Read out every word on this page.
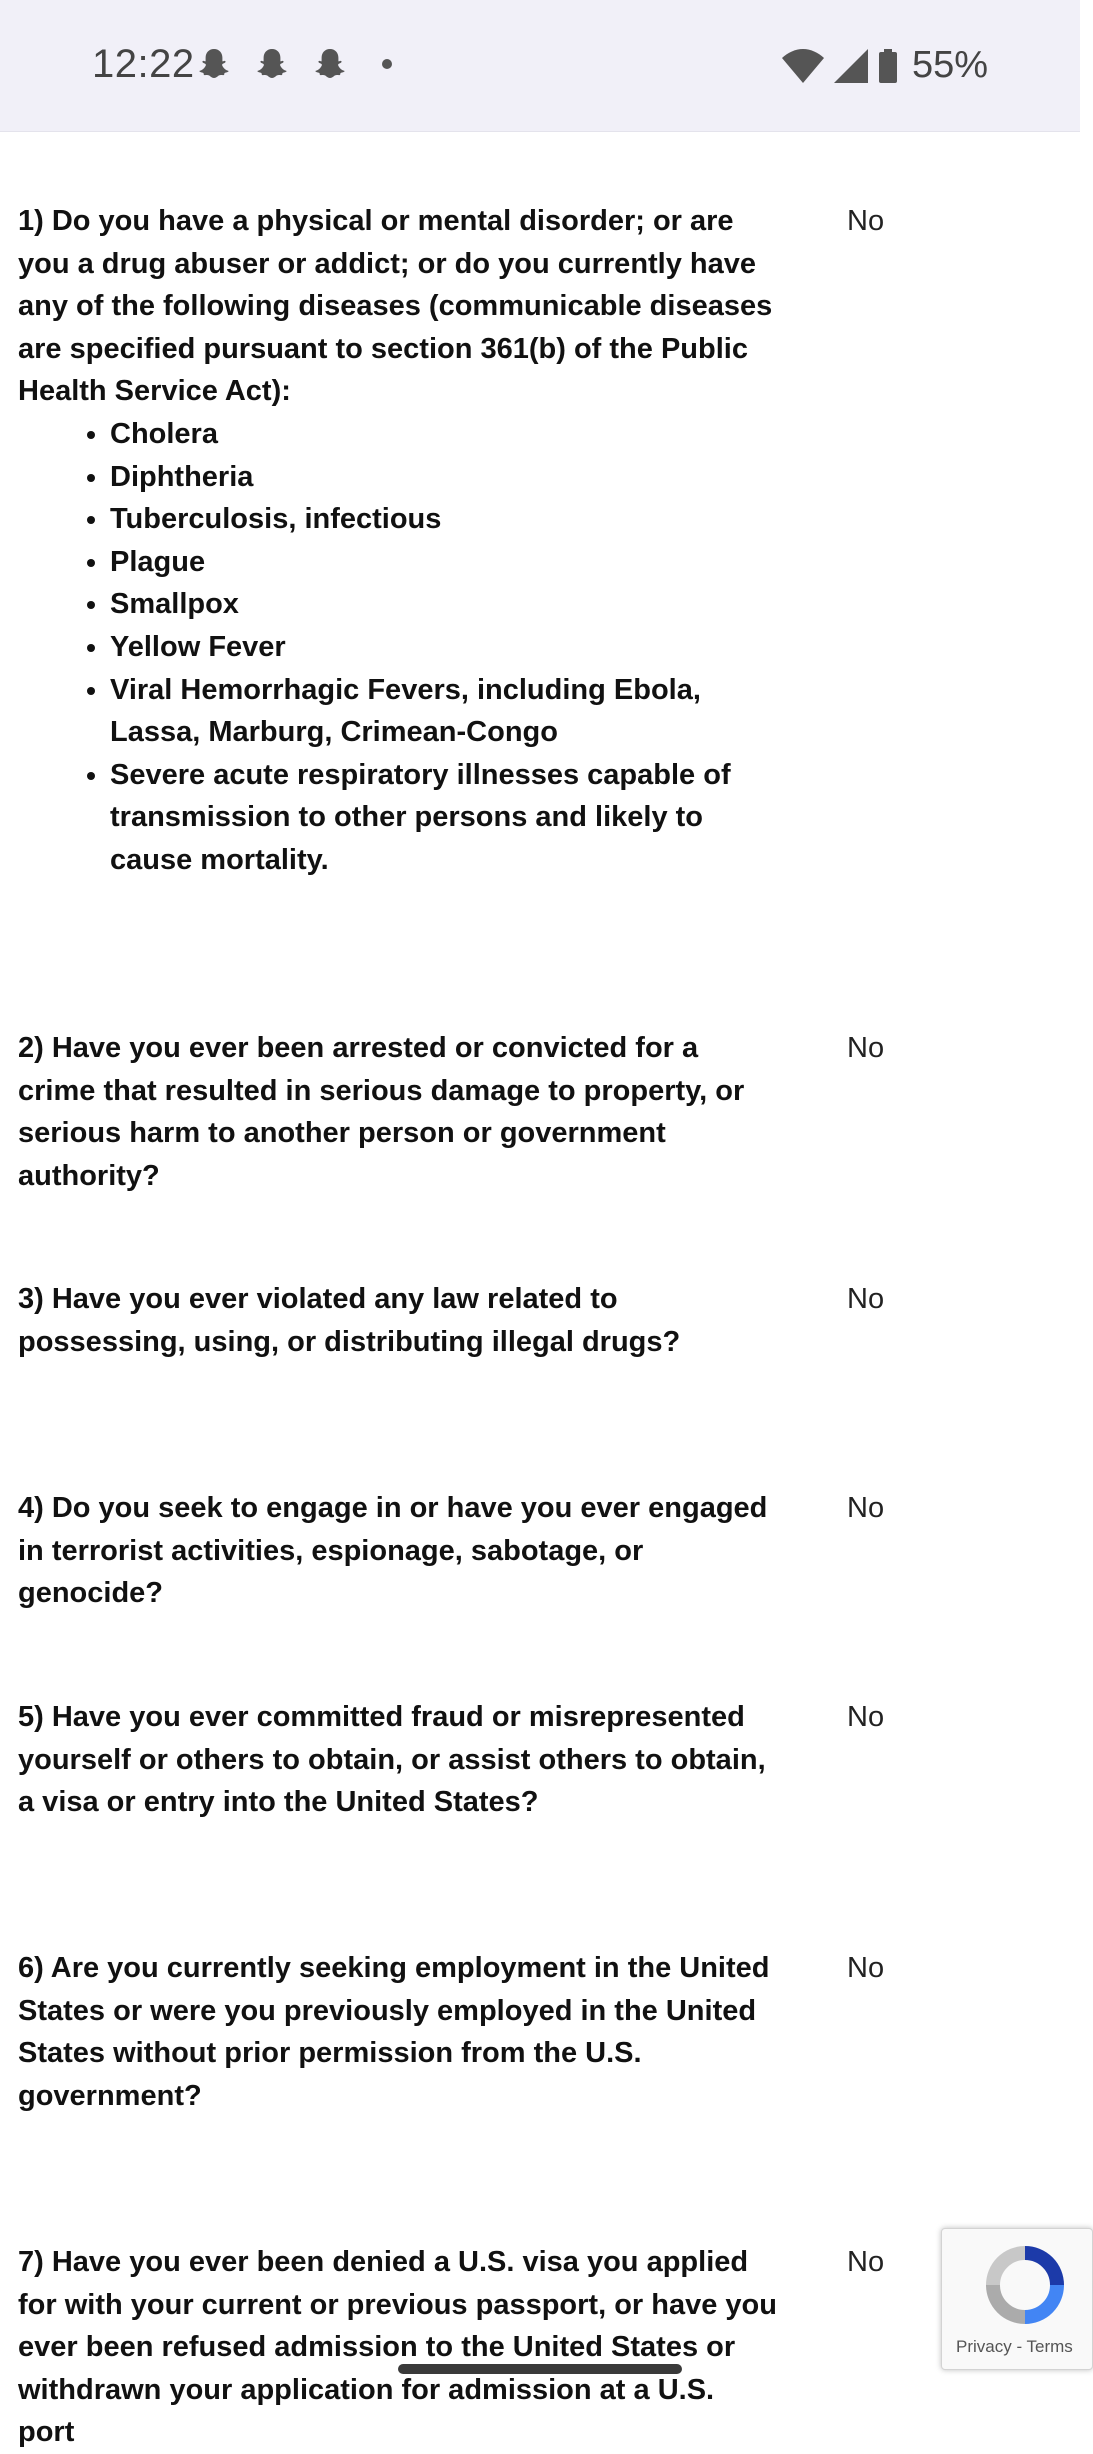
12:22	55%
1) Do you have a physical or mental disorder; or are you a drug abuser or addict; or do you currently have any of the following diseases (communicable diseases are specified pursuant to section 361(b) of the Public Health Service Act):
• Cholera
• Diphtheria
• Tuberculosis, infectious
• Plague
• Smallpox
• Yellow Fever
• Viral Hemorrhagic Fevers, including Ebola, Lassa, Marburg, Crimean-Congo
• Severe acute respiratory illnesses capable of transmission to other persons and likely to cause mortality.
No
2) Have you ever been arrested or convicted for a crime that resulted in serious damage to property, or serious harm to another person or government authority?
No
3) Have you ever violated any law related to possessing, using, or distributing illegal drugs?
No
4) Do you seek to engage in or have you ever engaged in terrorist activities, espionage, sabotage, or genocide?
No
5) Have you ever committed fraud or misrepresented yourself or others to obtain, or assist others to obtain, a visa or entry into the United States?
No
6) Are you currently seeking employment in the United States or were you previously employed in the United States without prior permission from the U.S. government?
No
7) Have you ever been denied a U.S. visa you applied for with your current or previous passport, or have you ever been refused admission to the United States or withdrawn your application for admission at a U.S. port
No
Privacy - Terms
